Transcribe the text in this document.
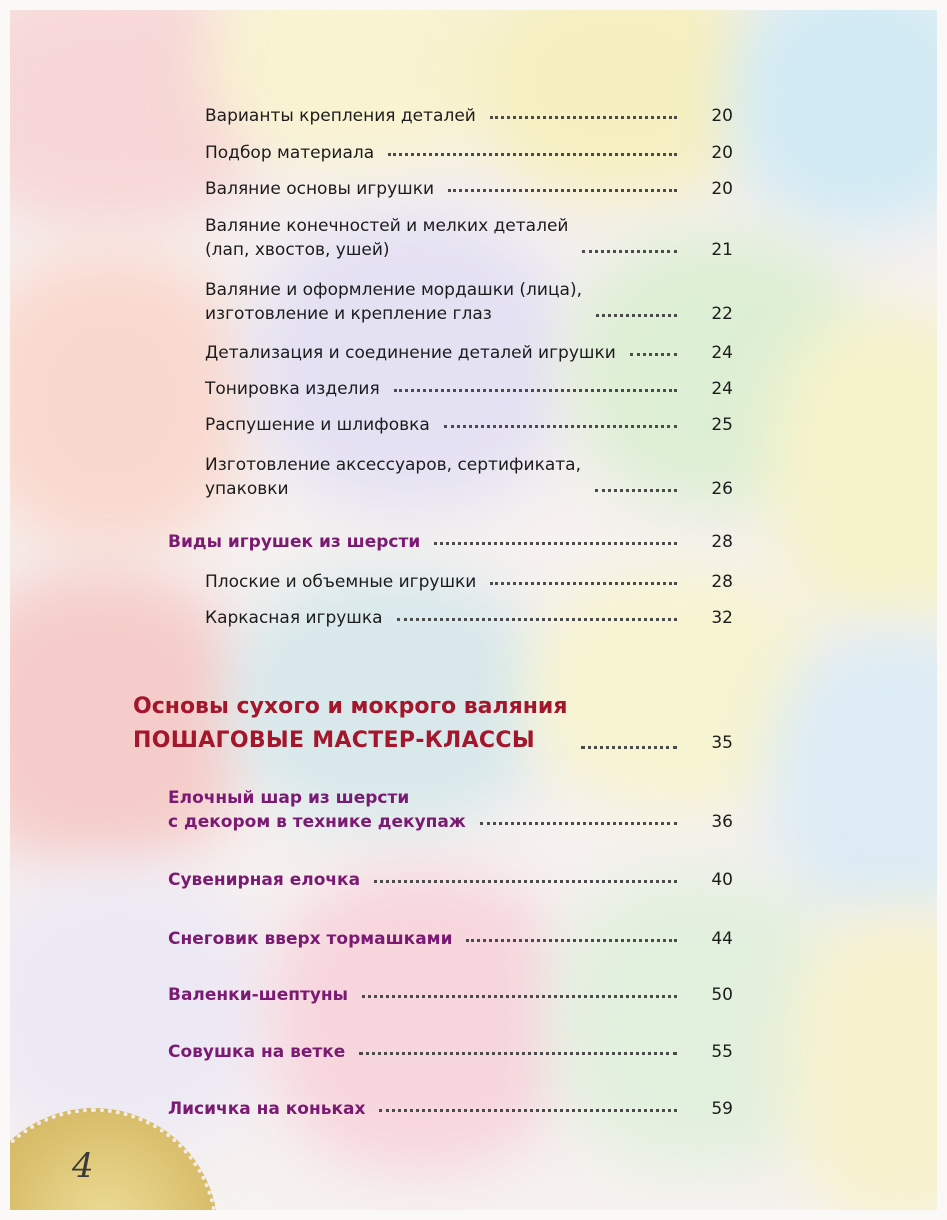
4
Варианты крепления деталей	20
Подбор материала	20
Валяние основы игрушки	20
Валяние конечностей и мелких деталей
(лап, хвостов, ушей)	21
Валяние и оформление мордашки (лица),
изготовление и крепление глаз	22
Детализация и соединение деталей игрушки	24
Тонировка изделия	24
Распушение и шлифовка	25
Изготовление аксессуаров, сертификата,
упаковки	26
Виды игрушек из шерсти	28
Плоские и объемные игрушки	28
Каркасная игрушка	32
Основы сухого и мокрого валяния
ПОШАГОВЫЕ МАСТЕР-КЛАССЫ	35
Елочный шар из шерсти
с декором в технике декупаж	36
Сувенирная елочка	40
Снеговик вверх тормашками	44
Валенки-шептуны	50
Совушка на ветке	55
Лисичка на коньках	59
